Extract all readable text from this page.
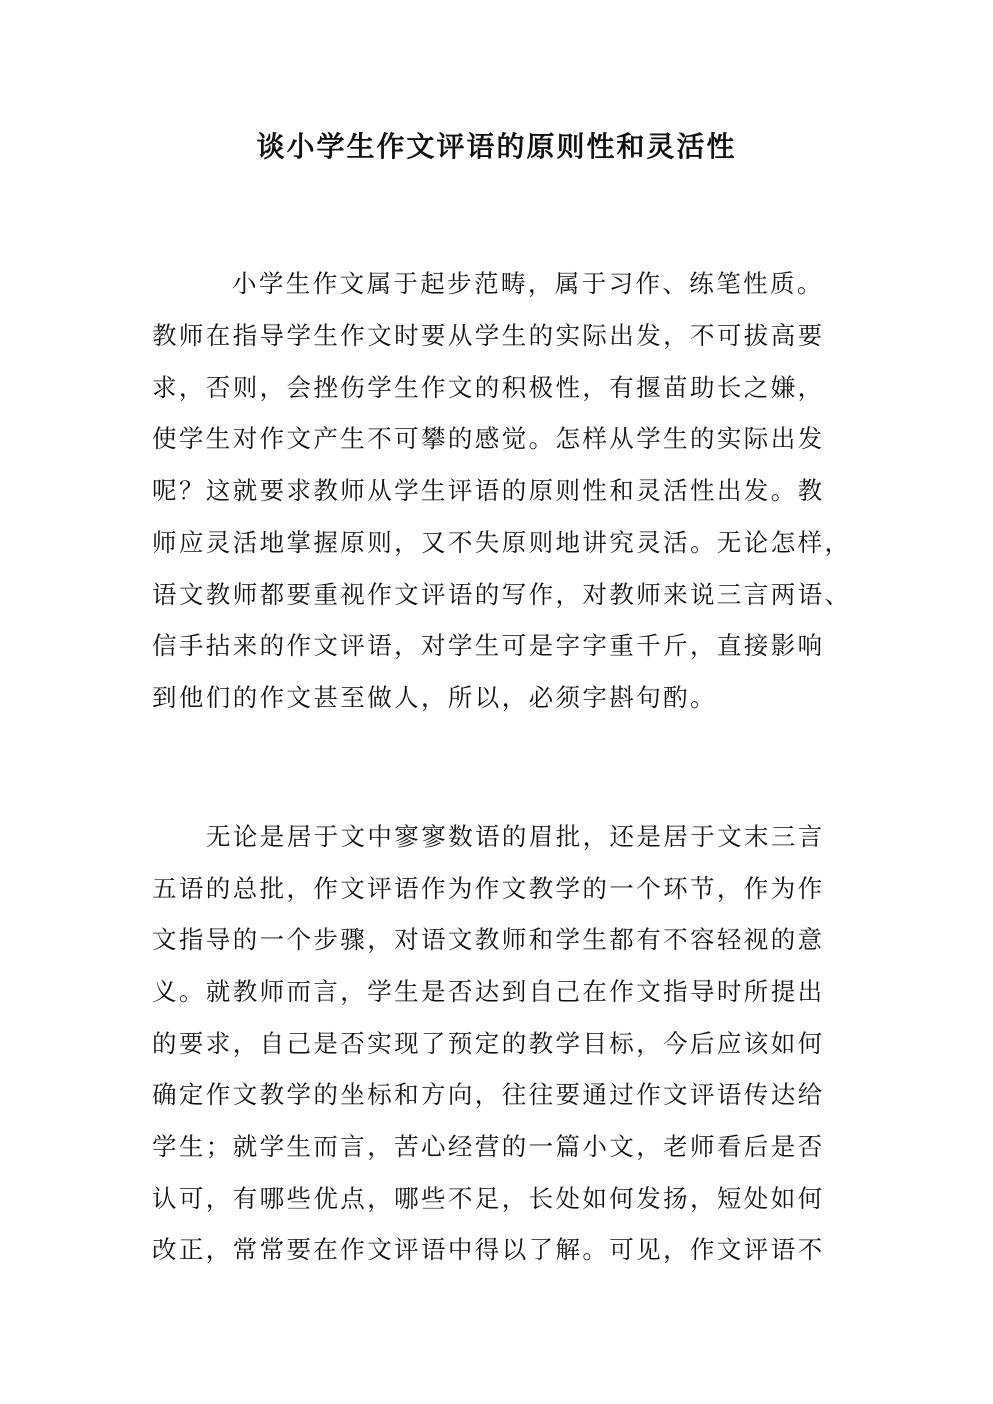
谈小学生作文评语的原则性和灵活性
小学生作文属于起步范畴，属于习作、练笔性质。
教师在指导学生作文时要从学生的实际出发，不可拔高要
求，否则，会挫伤学生作文的积极性，有揠苗助长之嫌，
使学生对作文产生不可攀的感觉。怎样从学生的实际出发
呢？这就要求教师从学生评语的原则性和灵活性出发。教
师应灵活地掌握原则，又不失原则地讲究灵活。无论怎样，
语文教师都要重视作文评语的写作，对教师来说三言两语、
信手拈来的作文评语，对学生可是字字重千斤，直接影响
到他们的作文甚至做人，所以，必须字斟句酌。
无论是居于文中寥寥数语的眉批，还是居于文末三言
五语的总批，作文评语作为作文教学的一个环节，作为作
文指导的一个步骤，对语文教师和学生都有不容轻视的意
义。就教师而言，学生是否达到自己在作文指导时所提出
的要求，自己是否实现了预定的教学目标，今后应该如何
确定作文教学的坐标和方向，往往要通过作文评语传达给
学生；就学生而言，苦心经营的一篇小文，老师看后是否
认可，有哪些优点，哪些不足，长处如何发扬，短处如何
改正，常常要在作文评语中得以了解。可见，作文评语不
